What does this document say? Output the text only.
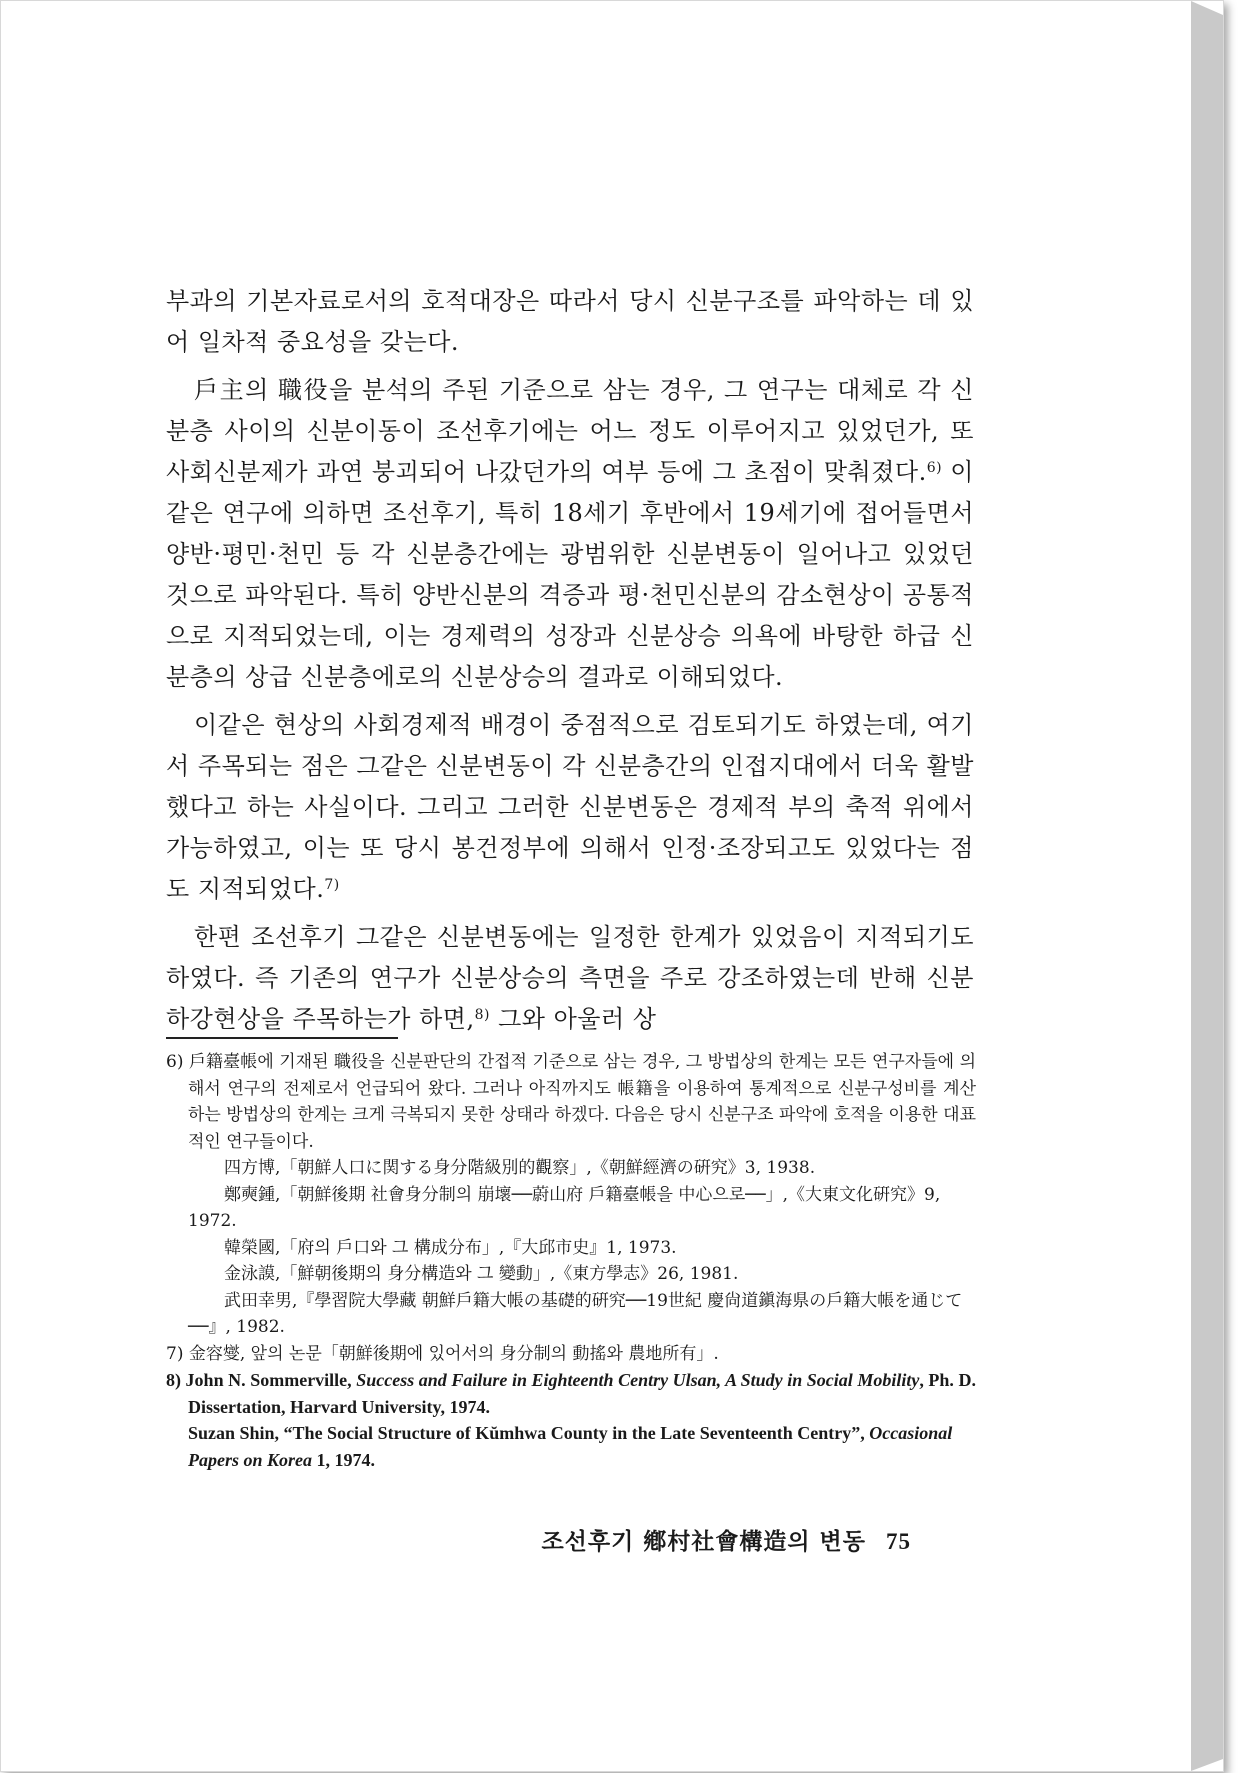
부과의 기본자료로서의 호적대장은 따라서 당시 신분구조를 파악하는 데 있어 일차적 중요성을 갖는다.

戶主의 職役을 분석의 주된 기준으로 삼는 경우, 그 연구는 대체로 각 신분층 사이의 신분이동이 조선후기에는 어느 정도 이루어지고 있었던가, 또 사회신분제가 과연 붕괴되어 나갔던가의 여부 등에 그 초점이 맞춰졌다.$^{6)}$ 이같은 연구에 의하면 조선후기, 특히 18세기 후반에서 19세기에 접어들면서 양반·평민·천민 등 각 신분층간에는 광범위한 신분변동이 일어나고 있었던 것으로 파악된다. 특히 양반신분의 격증과 평·천민신분의 감소현상이 공통적으로 지적되었는데, 이는 경제력의 성장과 신분상승 의욕에 바탕한 하급 신분층의 상급 신분층에로의 신분상승의 결과로 이해되었다.

이같은 현상의 사회경제적 배경이 중점적으로 검토되기도 하였는데, 여기서 주목되는 점은 그같은 신분변동이 각 신분층간의 인접지대에서 더욱 활발했다고 하는 사실이다. 그리고 그러한 신분변동은 경제적 부의 축적 위에서 가능하였고, 이는 또 당시 봉건정부에 의해서 인정·조장되고도 있었다는 점도 지적되었다.$^{7)}$

한편 조선후기 그같은 신분변동에는 일정한 한계가 있었음이 지적되기도 하였다. 즉 기존의 연구가 신분상승의 측면을 주로 강조하였는데 반해 신분하강현상을 주목하는가 하면,$^{8)}$ 그와 아울러 상

6) 戶籍臺帳에 기재된 職役을 신분판단의 간접적 기준으로 삼는 경우, 그 방법상의 한계는 모든 연구자들에 의해서 연구의 전제로서 언급되어 왔다. 그러나 아직까지도 帳籍을 이용하여 통계적으로 신분구성비를 계산하는 방법상의 한계는 크게 극복되지 못한 상태라 하겠다. 다음은 당시 신분구조 파악에 호적을 이용한 대표적인 연구들이다.

四方博,「朝鮮人口に関する身分階級別的觀察」,《朝鮮經濟の硏究》3, 1938.

鄭奭鍾,「朝鮮後期 社會身分制의 崩壞──蔚山府 戶籍臺帳을 中心으로──」,《大東文化硏究》9, 1972.

韓榮國,「府의 戶口와 그 構成分布」,『大邱市史』1, 1973.

金泳謨,「鮮朝後期의 身分構造와 그 變動」,《東方學志》26, 1981.

武田幸男,『學習院大學藏 朝鮮戶籍大帳の基礎的硏究──19世紀 慶尙道鎭海県の戶籍大帳を通じて──』, 1982.

7) 金容燮, 앞의 논문「朝鮮後期에 있어서의 身分制의 動搖와 農地所有」.

8) John N. Sommerville, Success and Failure in Eighteenth Centry Ulsan, A Study in Social Mobility, Ph. D. Dissertation, Harvard University, 1974.

Suzan Shin, “The Social Structure of Kŭmhwa County in the Late Seventeenth Centry”, Occasional Papers on Korea 1, 1974.

조선후기 鄕村社會構造의 변동 75
